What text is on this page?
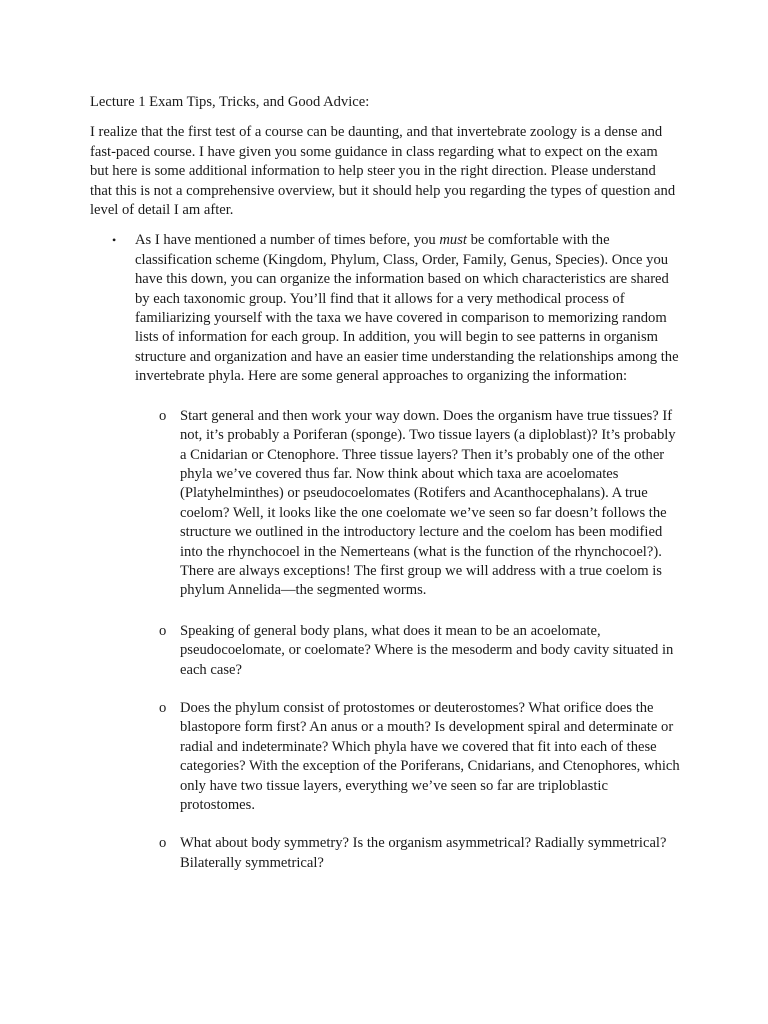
Lecture 1 Exam Tips, Tricks, and Good Advice:

I realize that the first test of a course can be daunting, and that invertebrate zoology is a dense and fast-paced course. I have given you some guidance in class regarding what to expect on the exam but here is some additional information to help steer you in the right direction. Please understand that this is not a comprehensive overview, but it should help you regarding the types of question and level of detail I am after.

• As I have mentioned a number of times before, you must be comfortable with the classification scheme (Kingdom, Phylum, Class, Order, Family, Genus, Species). Once you have this down, you can organize the information based on which characteristics are shared by each taxonomic group. You’ll find that it allows for a very methodical process of familiarizing yourself with the taxa we have covered in comparison to memorizing random lists of information for each group. In addition, you will begin to see patterns in organism structure and organization and have an easier time understanding the relationships among the invertebrate phyla. Here are some general approaches to organizing the information:
o Start general and then work your way down. Does the organism have true tissues? If not, it’s probably a Poriferan (sponge). Two tissue layers (a diploblast)? It’s probably a Cnidarian or Ctenophore. Three tissue layers? Then it’s probably one of the other phyla we’ve covered thus far. Now think about which taxa are acoelomates (Platyhelminthes) or pseudocoelomates (Rotifers and Acanthocephalans). A true coelom? Well, it looks like the one coelomate we’ve seen so far doesn’t follows the structure we outlined in the introductory lecture and the coelom has been modified into the rhynchocoel in the Nemerteans (what is the function of the rhynchocoel?). There are always exceptions! The first group we will address with a true coelom is phylum Annelida—the segmented worms.
o Speaking of general body plans, what does it mean to be an acoelomate, pseudocoelomate, or coelomate? Where is the mesoderm and body cavity situated in each case?
o Does the phylum consist of protostomes or deuterostomes? What orifice does the blastopore form first? An anus or a mouth? Is development spiral and determinate or radial and indeterminate? Which phyla have we covered that fit into each of these categories? With the exception of the Poriferans, Cnidarians, and Ctenophores, which only have two tissue layers, everything we’ve seen so far are triploblastic protostomes.
o What about body symmetry? Is the organism asymmetrical? Radially symmetrical? Bilaterally symmetrical?
